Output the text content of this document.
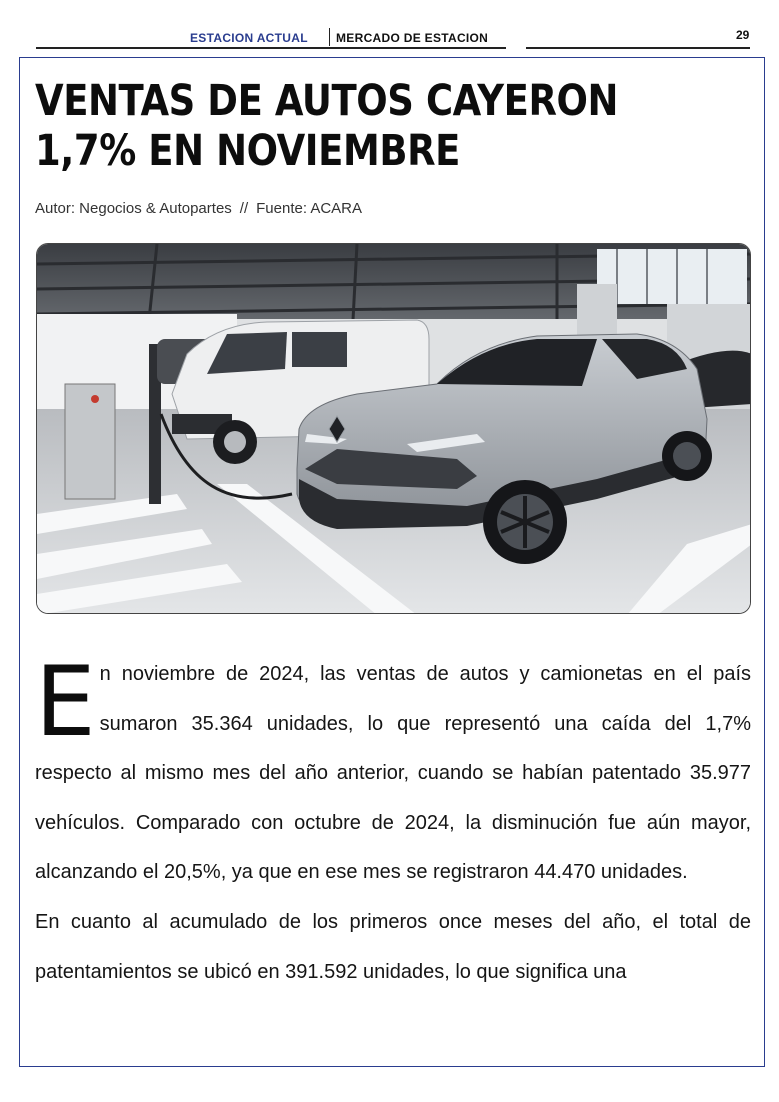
ESTACION ACTUAL MERCADO DE ESTACION	29
VENTAS DE AUTOS CAYERON 1,7% EN NOVIEMBRE
Autor: Negocios & Autopartes // Fuente: ACARA

En noviembre de 2024, las ventas de autos y camionetas en el país sumaron 35.364 unidades, lo que representó una caída del 1,7% respecto al mismo mes del año anterior, cuando se habían patentado 35.977 vehículos. Comparado con octubre de 2024, la disminución fue aún mayor, alcanzando el 20,5%, ya que en ese mes se registraron 44.470 unidades.

En cuanto al acumulado de los primeros once meses del año, el total de patentamientos se ubicó en 391.592 unidades, lo que significa una
